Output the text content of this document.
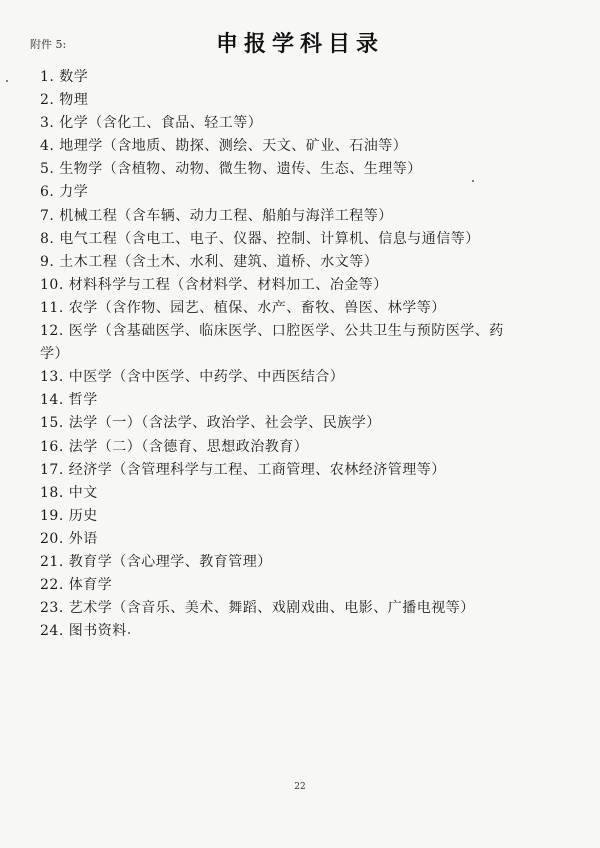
附件 5:	申报学科目录
1. 数学
2. 物理
3. 化学（含化工、食品、轻工等）
4. 地理学（含地质、勘探、测绘、天文、矿业、石油等）
5. 生物学（含植物、动物、微生物、遗传、生态、生理等）
6. 力学
7. 机械工程（含车辆、动力工程、船舶与海洋工程等）
8. 电气工程（含电工、电子、仪器、控制、计算机、信息与通信等）
9. 土木工程（含土木、水利、建筑、道桥、水文等）
10. 材料科学与工程（含材料学、材料加工、冶金等）
11. 农学（含作物、园艺、植保、水产、畜牧、兽医、林学等）
12. 医学（含基础医学、临床医学、口腔医学、公共卫生与预防医学、药学）
13. 中医学（含中医学、中药学、中西医结合）
14. 哲学
15. 法学（一）（含法学、政治学、社会学、民族学）
16. 法学（二）（含德育、思想政治教育）
17. 经济学（含管理科学与工程、工商管理、农林经济管理等）
18. 中文
19. 历史
20. 外语
21. 教育学（含心理学、教育管理）
22. 体育学
23. 艺术学（含音乐、美术、舞蹈、戏剧戏曲、电影、广播电视等）
24. 图书资料
22
